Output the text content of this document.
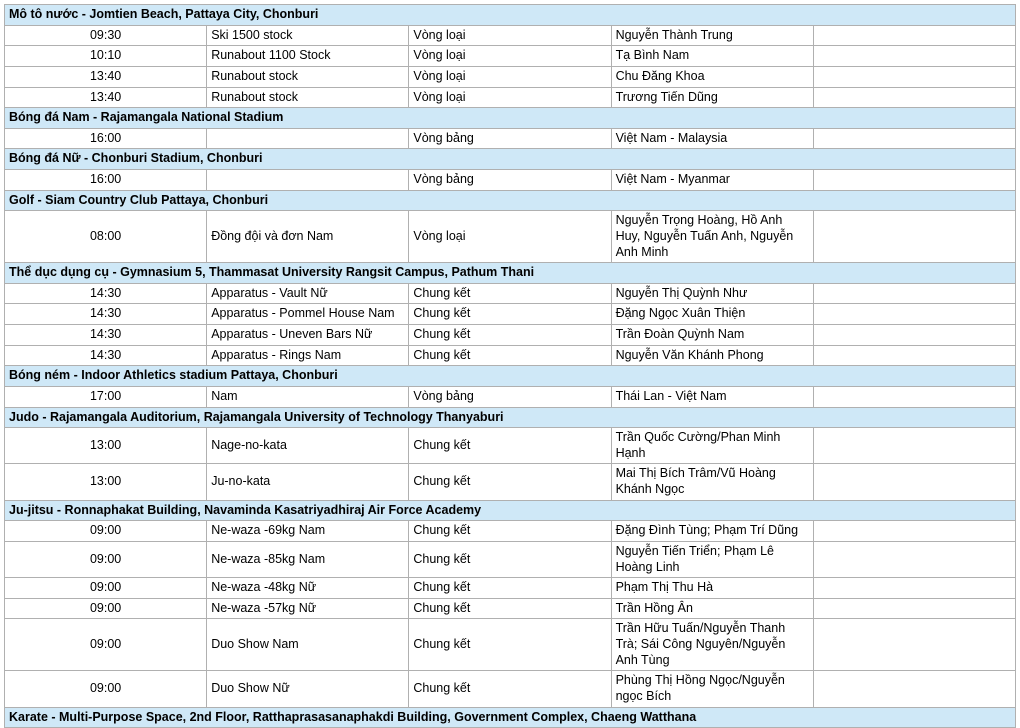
Mô tô nước - Jomtien Beach, Pattaya City, Chonburi				
09:30	Ski 1500 stock	Vòng loại	Nguyễn Thành Trung	
10:10	Runabout 1100 Stock	Vòng loại	Tạ Bình Nam	
13:40	Runabout stock	Vòng loại	Chu Đăng Khoa	
13:40	Runabout stock	Vòng loại	Trương Tiến Dũng	
Bóng đá Nam - Rajamangala National Stadium				
16:00		Vòng bảng	Việt Nam - Malaysia	
Bóng đá Nữ - Chonburi Stadium, Chonburi				
16:00		Vòng bảng	Việt Nam - Myanmar	
Golf - Siam Country Club Pattaya, Chonburi				
08:00	Đồng đội và đơn Nam	Vòng loại	Nguyễn Trọng Hoàng, Hồ Anh Huy, Nguyễn Tuấn Anh, Nguyễn Anh Minh	
Thể dục dụng cụ - Gymnasium 5, Thammasat University Rangsit Campus, Pathum Thani				
14:30	Apparatus - Vault Nữ	Chung kết	Nguyễn Thị Quỳnh Như	
14:30	Apparatus - Pommel House Nam	Chung kết	Đặng Ngọc Xuân Thiện	
14:30	Apparatus - Uneven Bars Nữ	Chung kết	Trần Đoàn Quỳnh Nam	
14:30	Apparatus - Rings Nam	Chung kết	Nguyễn Văn Khánh Phong	
Bóng ném - Indoor Athletics stadium Pattaya, Chonburi				
17:00	Nam	Vòng bảng	Thái Lan - Việt Nam	
Judo - Rajamangala Auditorium, Rajamangala University of Technology Thanyaburi				
13:00	Nage-no-kata	Chung kết	Trần Quốc Cường/Phan Minh Hạnh	
13:00	Ju-no-kata	Chung kết	Mai Thị Bích Trâm/Vũ Hoàng Khánh Ngọc	
Ju-jitsu - Ronnaphakat Building, Navaminda Kasatriyadhiraj Air Force Academy				
09:00	Ne-waza -69kg Nam	Chung kết	Đặng Đình Tùng; Phạm Trí Dũng	
09:00	Ne-waza -85kg Nam	Chung kết	Nguyễn Tiến Triển; Phạm Lê Hoàng Linh	
09:00	Ne-waza -48kg Nữ	Chung kết	Phạm Thị Thu Hà	
09:00	Ne-waza -57kg Nữ	Chung kết	Trần Hồng Ân	
09:00	Duo Show Nam	Chung kết	Trần Hữu Tuấn/Nguyễn Thanh Trà; Sái Công Nguyên/Nguyễn Anh Tùng	
09:00	Duo Show Nữ	Chung kết	Phùng Thị Hồng Ngọc/Nguyễn ngọc Bích	
Karate - Multi-Purpose Space, 2nd Floor, Ratthaprasasanaphakdi Building, Government Complex, Chaeng Watthana				
